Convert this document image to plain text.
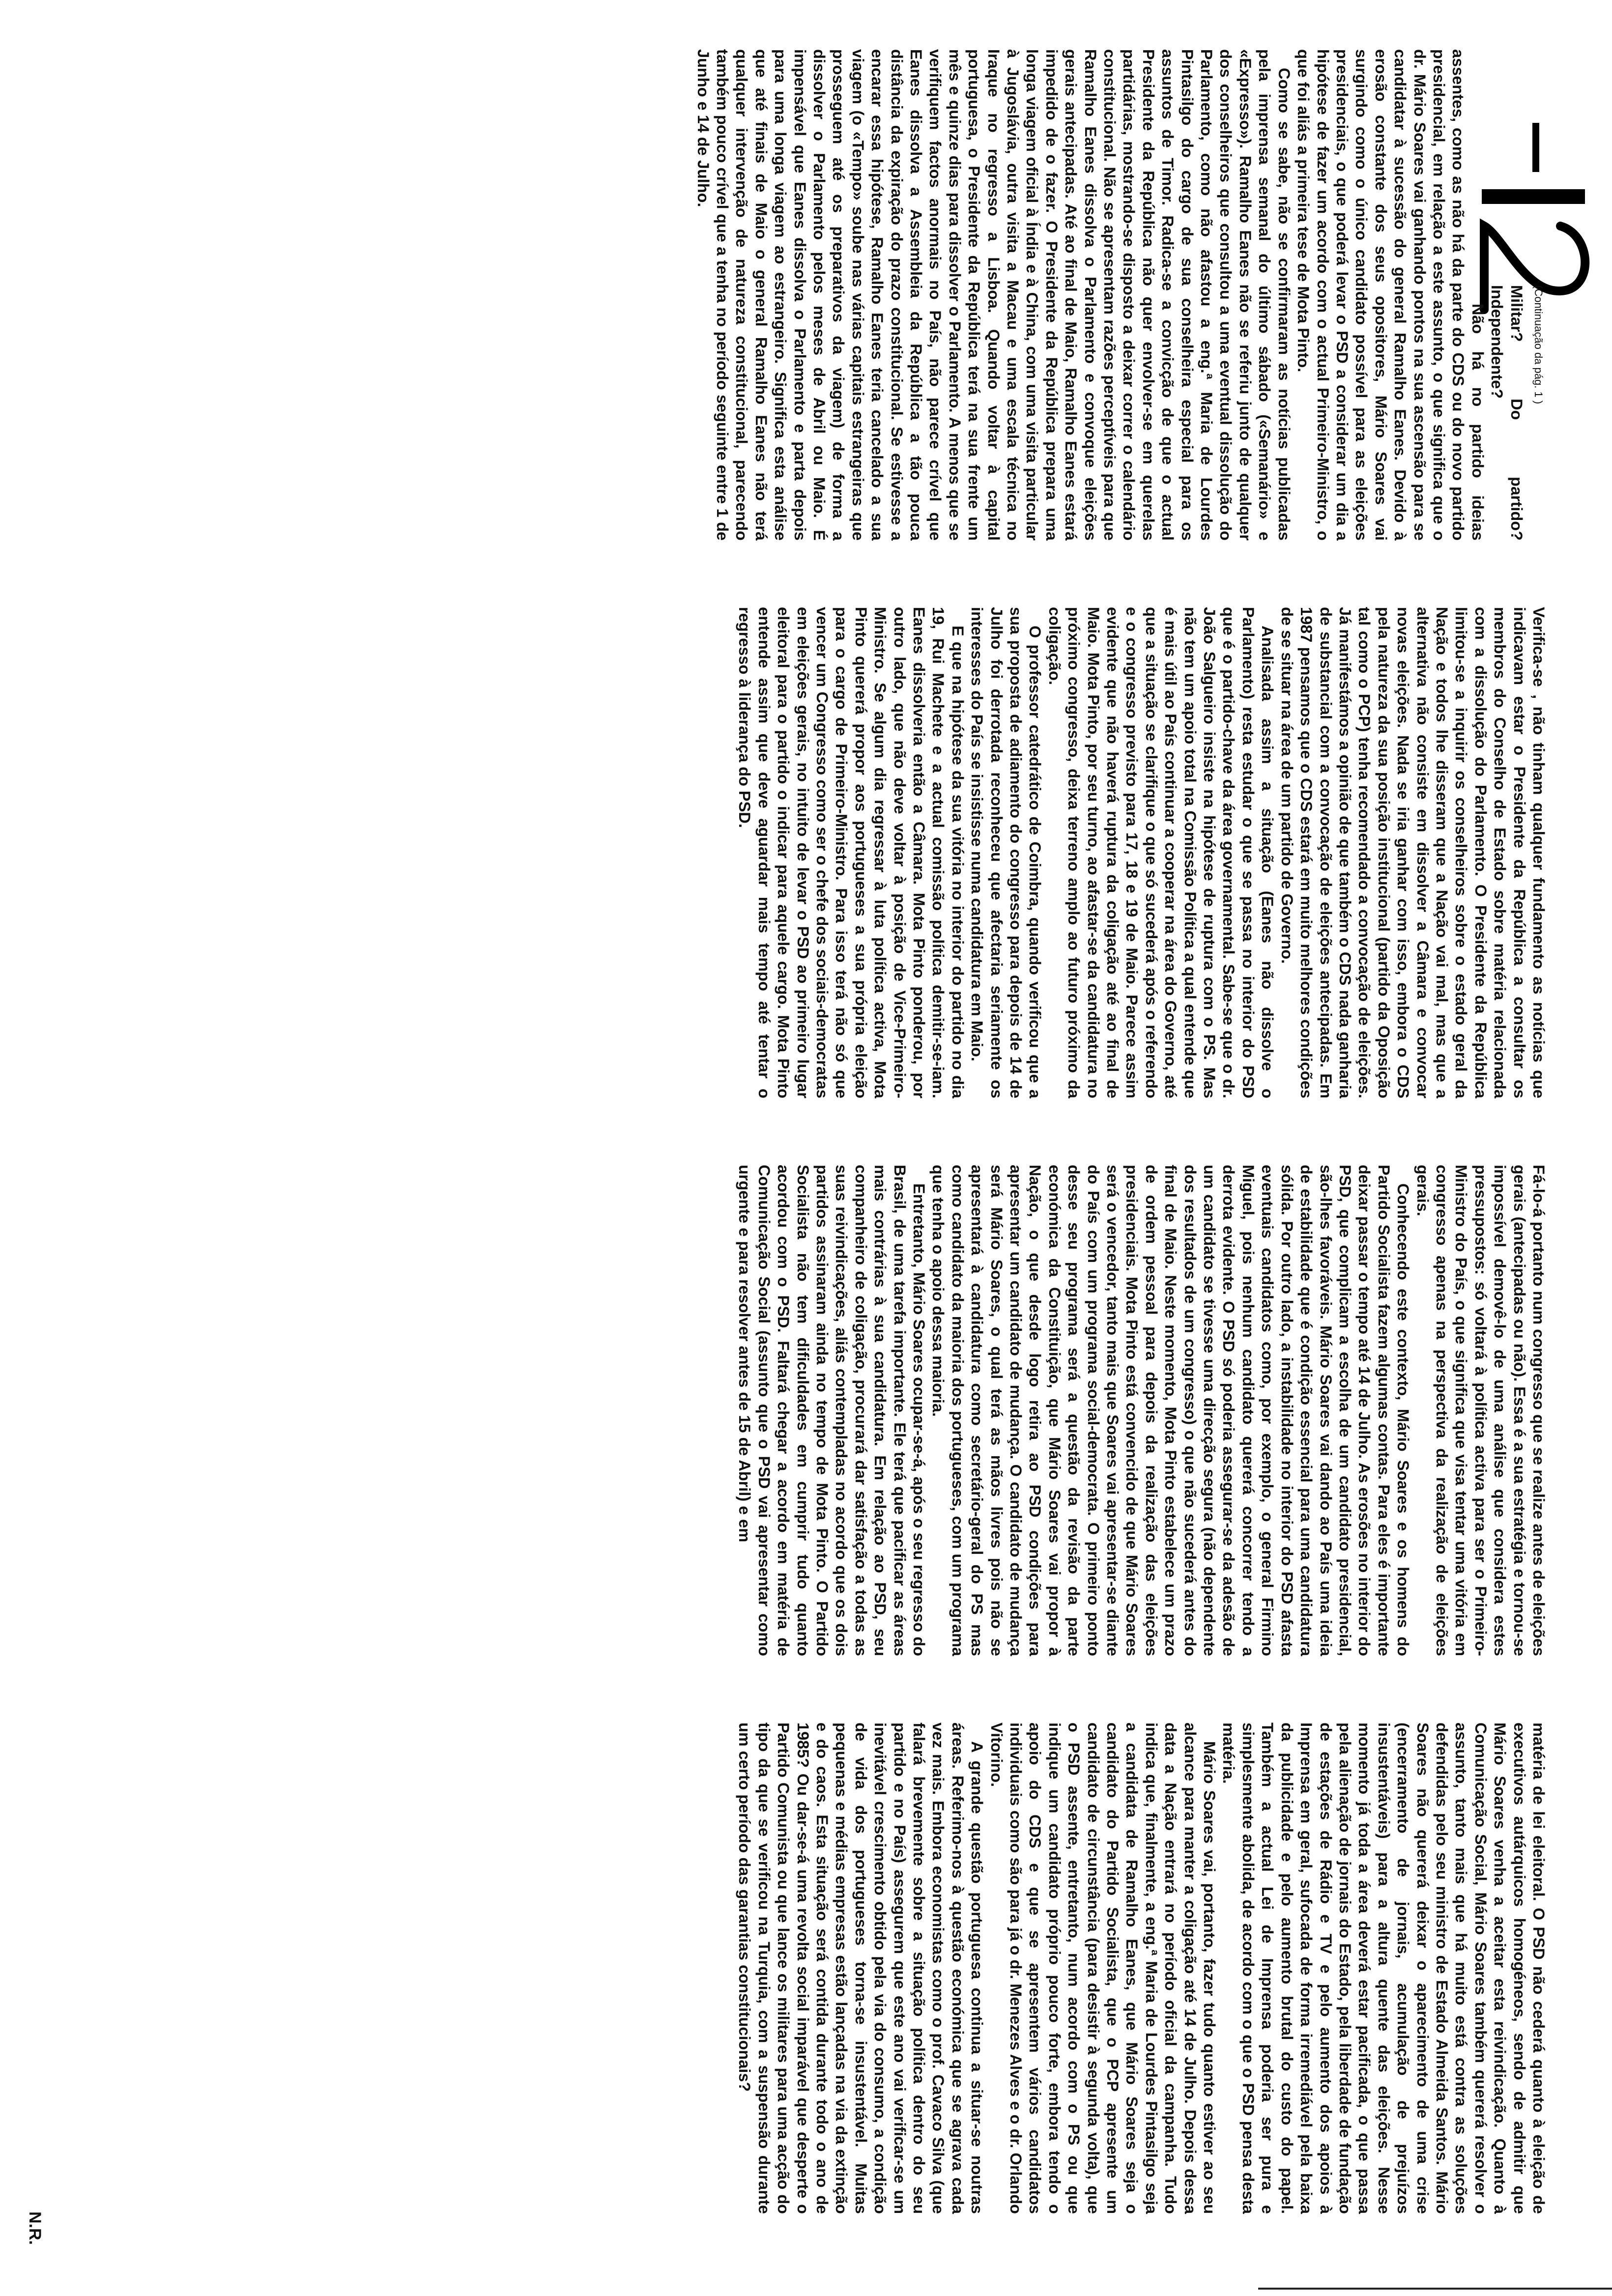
(Continuação da pág. 1 )

Militar? Do partido? Independente?

Não há no partido ideias assentes, como as não há da parte do CDS ou do novo partido presidencial, em relação a este assunto, o que significa que o dr. Mário Soares vai ganhando pontos na sua ascensão para se candidatar à sucessão do general Ramalho Eanes. Devido à erosão constante dos seus opositores, Mário Soares vai surgindo como o único candidato possível para as eleições presidenciais, o que poderá levar o PSD a considerar um dia a hipótese de fazer um acordo com o actual Primeiro-Ministro, o que foi aliás a primeira tese de Mota Pinto.

Como se sabe, não se confirmaram as notícias publicadas pela imprensa semanal do último sábado («Semanário» e «Expresso»). Ramalho Eanes não se referiu junto de qualquer dos conselheiros que consultou a uma eventual dissolução do Parlamento, como não afastou a eng.ª Maria de Lourdes Pintasilgo do cargo de sua conselheira especial para os assuntos de Timor. Radica-se a convicção de que o actual Presidente da República não quer envolver-se em querelas partidárias, mostrando-se disposto a deixar correr o calendário constitucional. Não se apresentam razões perceptíveis para que Ramalho Eanes dissolva o Parlamento e convoque eleições gerais antecipadas. Até ao final de Maio, Ramalho Eanes estará impedido de o fazer. O Presidente da República prepara uma longa viagem oficial à Índia e à China, com uma visita particular à Jugoslávia, outra visita a Macau e uma escala técnica no Iraque no regresso a Lisboa. Quando voltar à capital portuguesa, o Presidente da República terá na sua frente um mês e quinze dias para dissolver o Parlamento. A menos que se verifiquem factos anormais no País, não parece crível que Eanes dissolva a Assembleia da República a tão pouca distância da expiração do prazo constitucional. Se estivesse a encarar essa hipótese, Ramalho Eanes teria cancelado a sua viagem (o «Tempo» soube nas várias capitais estrangeiras que prosseguem até os preparativos da viagem) de forma a dissolver o Parlamento pelos meses de Abril ou Maio. É impensável que Eanes dissolva o Parlamento e parta depois para uma longa viagem ao estrangeiro. Significa esta análise que até finais de Maio o general Ramalho Eanes não terá qualquer intervenção de natureza constitucional, parecendo também pouco crível que a tenha no período seguinte entre 1 de Junho e 14 de Julho.

Verifica-se , não tinham qualquer fundamento as notícias que indicavam estar o Presidente da República a consultar os membros do Conselho de Estado sobre matéria relacionada com a dissolução do Parlamento. O Presidente da República limitou-se a inquirir os conselheiros sobre o estado geral da Nação e todos lhe disseram que a Nação vai mal, mas que a alternativa não consiste em dissolver a Câmara e convocar novas eleições. Nada se iria ganhar com isso, embora o CDS pela natureza da sua posição institucional (partido da Oposição tal como o PCP) tenha recomendado a convocação de eleições. Já manifestámos a opinião de que também o CDS nada ganharia de substancial com a convocação de eleições antecipadas. Em 1987 pensamos que o CDS estará em muito melhores condições de se situar na área de um partido de Governo.

Analisada assim a situação (Eanes não dissolve o Parlamento) resta estudar o que se passa no interior do PSD que é o partido-chave da área governamental. Sabe-se que o dr. João Salgueiro insiste na hipótese de ruptura com o PS. Mas não tem um apoio total na Comissão Política a qual entende que é mais útil ao País continuar a cooperar na área do Governo, até que a situação se clarifique o que só sucederá após o referendo e o congresso previsto para 17, 18 e 19 de Maio. Parece assim evidente que não haverá ruptura da coligação até ao final de Maio. Mota Pinto, por seu turno, ao afastar-se da candidatura no próximo congresso, deixa terreno amplo ao futuro próximo da coligação.

O professor catedrático de Coimbra, quando verificou que a sua proposta de adiamento do congresso para depois de 14 de Julho foi derrotada reconheceu que afectaria seriamente os interesses do País se insistisse numa candidatura em Maio.

E que na hipótese da sua vitória no interior do partido no dia 19, Rui Machete e a actual comissão política demitir-se-iam. Eanes dissolveria então a Câmara. Mota Pinto ponderou, por outro lado, que não deve voltar à posição de Vice-Primeiro-Ministro. Se algum dia regressar à luta política activa, Mota Pinto quererá propor aos portugueses a sua própria eleição para o cargo de Primeiro-Ministro. Para isso terá não só que vencer um Congresso como ser o chefe dos sociais-democratas em eleições gerais, no intuito de levar o PSD ao primeiro lugar eleitoral para o partido o indicar para aquele cargo. Mota Pinto entende assim que deve aguardar mais tempo até tentar o regresso à liderança do PSD.

Fá-lo-á portanto num congresso que se realize antes de eleições gerais (antecipadas ou não). Essa é a sua estratégia e tornou-se impossível demovê-lo de uma análise que considera estes pressupostos: só voltará à política activa para ser o Primeiro-Ministro do País, o que significa que visa tentar uma vitória em congresso apenas na perspectiva da realização de eleições gerais.

Conhecendo este contexto, Mário Soares e os homens do Partido Socialista fazem algumas contas. Para eles é importante deixar passar o tempo até 14 de Julho. As erosões no interior do PSD, que complicam a escolha de um candidato presidencial, são-lhes favoráveis. Mário Soares vai dando ao País uma ideia de estabilidade que é condição essencial para uma candidatura sólida. Por outro lado, a instabilidade no interior do PSD afasta eventuais candidatos como, por exemplo, o general Firmino Miguel, pois nenhum candidato quererá concorrer tendo a derrota evidente. O PSD só poderia assegurar-se da adesão de um candidato se tivesse uma direcção segura (não dependente dos resultados de um congresso) o que não sucederá antes do final de Maio. Neste momento, Mota Pinto estabelece um prazo de ordem pessoal para depois da realização das eleições presidenciais. Mota Pinto está convencido de que Mário Soares será o vencedor, tanto mais que Soares vai apresentar-se diante do País com um programa social-democrata. O primeiro ponto desse seu programa será a questão da revisão da parte económica da Constituição, que Mário Soares vai propor à Nação, o que desde logo retira ao PSD condições para apresentar um candidato de mudança. O candidato de mudança será Mário Soares, o qual terá as mãos livres pois não se apresentará à candidatura como secretário-geral do PS mas como candidato da maioria dos portugueses, com um programa que tenha o apoio dessa maioria.

Entretanto, Mário Soares ocupar-se-á, após o seu regresso do Brasil, de uma tarefa importante. Ele terá que pacificar as áreas mais contrárias à sua candidatura. Em relação ao PSD, seu companheiro de coligação, procurará dar satisfação a todas as suas reivindicações, aliás contempladas no acordo que os dois partidos assinaram ainda no tempo de Mota Pinto. O Partido Socialista não tem dificuldades em cumprir tudo quanto acordou com o PSD. Faltará chegar a acordo em matéria de Comunicação Social (assunto que o PSD vai apresentar como urgente e para resolver antes de 15 de Abril) e em

matéria de lei eleitoral. O PSD não cederá quanto à eleição de executivos autárquicos homogéneos, sendo de admitir que Mário Soares venha a aceitar esta reivindicação. Quanto à Comunicação Social, Mário Soares também quererá resolver o assunto, tanto mais que há muito está contra as soluções defendidas pelo seu ministro de Estado Almeida Santos. Mário Soares não quererá deixar o aparecimento de uma crise (encerramento de jornais, acumulação de prejuízos insustentáveis) para a altura quente das eleições. Nesse momento já toda a área deverá estar pacificada, o que passa pela alienação de jornais do Estado, pela liberdade de fundação de estações de Rádio e TV e pelo aumento dos apoios à Imprensa em geral, sufocada de forma irremediável pela baixa da publicidade e pelo aumento brutal do custo do papel. Também a actual Lei de Imprensa poderia ser pura e simplesmente abolida, de acordo com o que o PSD pensa desta matéria.

Mário Soares vai, portanto, fazer tudo quanto estiver ao seu alcance para manter a coligação até 14 de Julho. Depois dessa data a Nação entrará no período oficial da campanha. Tudo indica que, finalmente, a eng.ª Maria de Lourdes Pintasilgo seja a candidata de Ramalho Eanes, que Mário Soares seja o candidato do Partido Socialista, que o PCP apresente um candidato de circunstância (para desistir à segunda volta), que o PSD assente, entretanto, num acordo com o PS ou que indique um candidato próprio pouco forte, embora tendo o apoio do CDS e que se apresentem vários candidatos individuais como são para já o dr. Menezes Alves e o dr. Orlando Vitorino.

A grande questão portuguesa continua a situar-se noutras áreas. Referimo-nos à questão económica que se agrava cada vez mais. Embora economistas como o prof. Cavaco Silva (que falará brevemente sobre a situação política dentro do seu partido e no País) assegurem que este ano vai verificar-se um inevitável crescimento obtido pela via do consumo, a condição de vida dos portugueses torna-se insustentável. Muitas pequenas e médias empresas estão lançadas na via da extinção e do caos. Esta situação será contida durante todo o ano de 1985? Ou dar-se-á uma revolta social imparável que desperte o Partido Comunista ou que lance os militares para uma acção do tipo da que se verificou na Turquia, com a suspensão durante um certo período das garantias constitucionais?

N.R.
